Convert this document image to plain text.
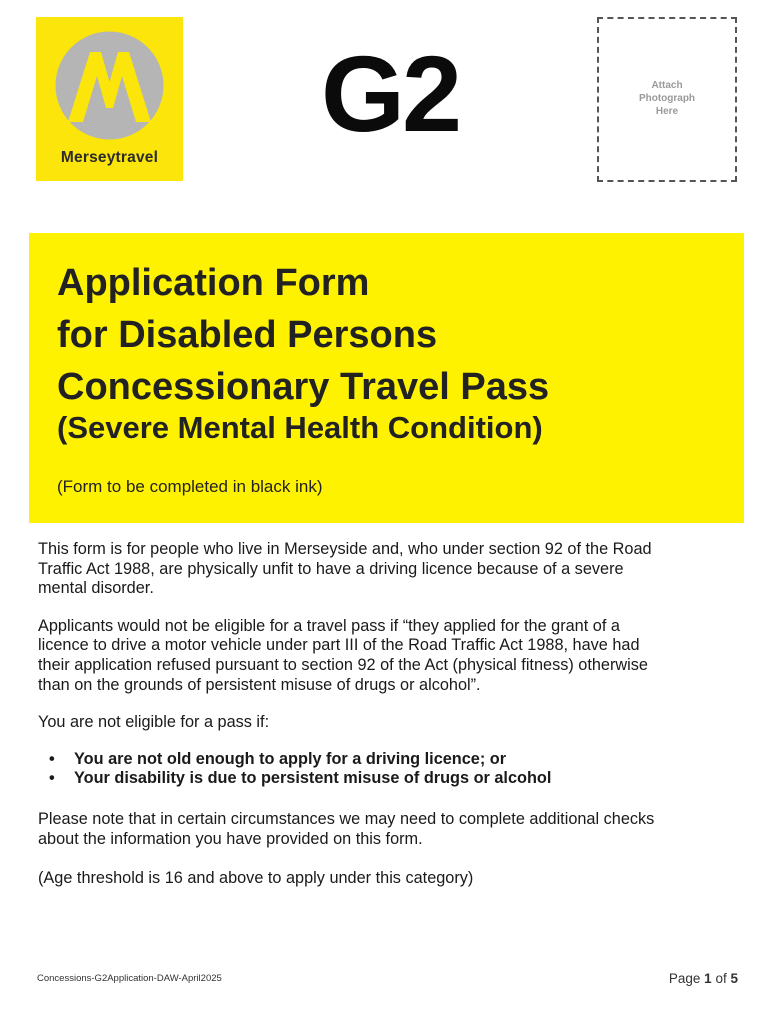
Merseytravel
G2	Attach
Photograph
Here
Application Form
for Disabled Persons
Concessionary Travel Pass
(Severe Mental Health Condition)
(Form to be completed in black ink)

This form is for people who live in Merseyside and, who under section 92 of the Road
Traffic Act 1988, are physically unfit to have a driving licence because of a severe
mental disorder.

Applicants would not be eligible for a travel pass if “they applied for the grant of a
licence to drive a motor vehicle under part III of the Road Traffic Act 1988, have had
their application refused pursuant to section 92 of the Act (physical fitness) otherwise
than on the grounds of persistent misuse of drugs or alcohol”.

You are not eligible for a pass if:

• You are not old enough to apply for a driving licence; or
• Your disability is due to persistent misuse of drugs or alcohol

Please note that in certain circumstances we may need to complete additional checks
about the information you have provided on this form.

(Age threshold is 16 and above to apply under this category)

Concessions-G2Application-DAW-April2025	Page 1 of 5
